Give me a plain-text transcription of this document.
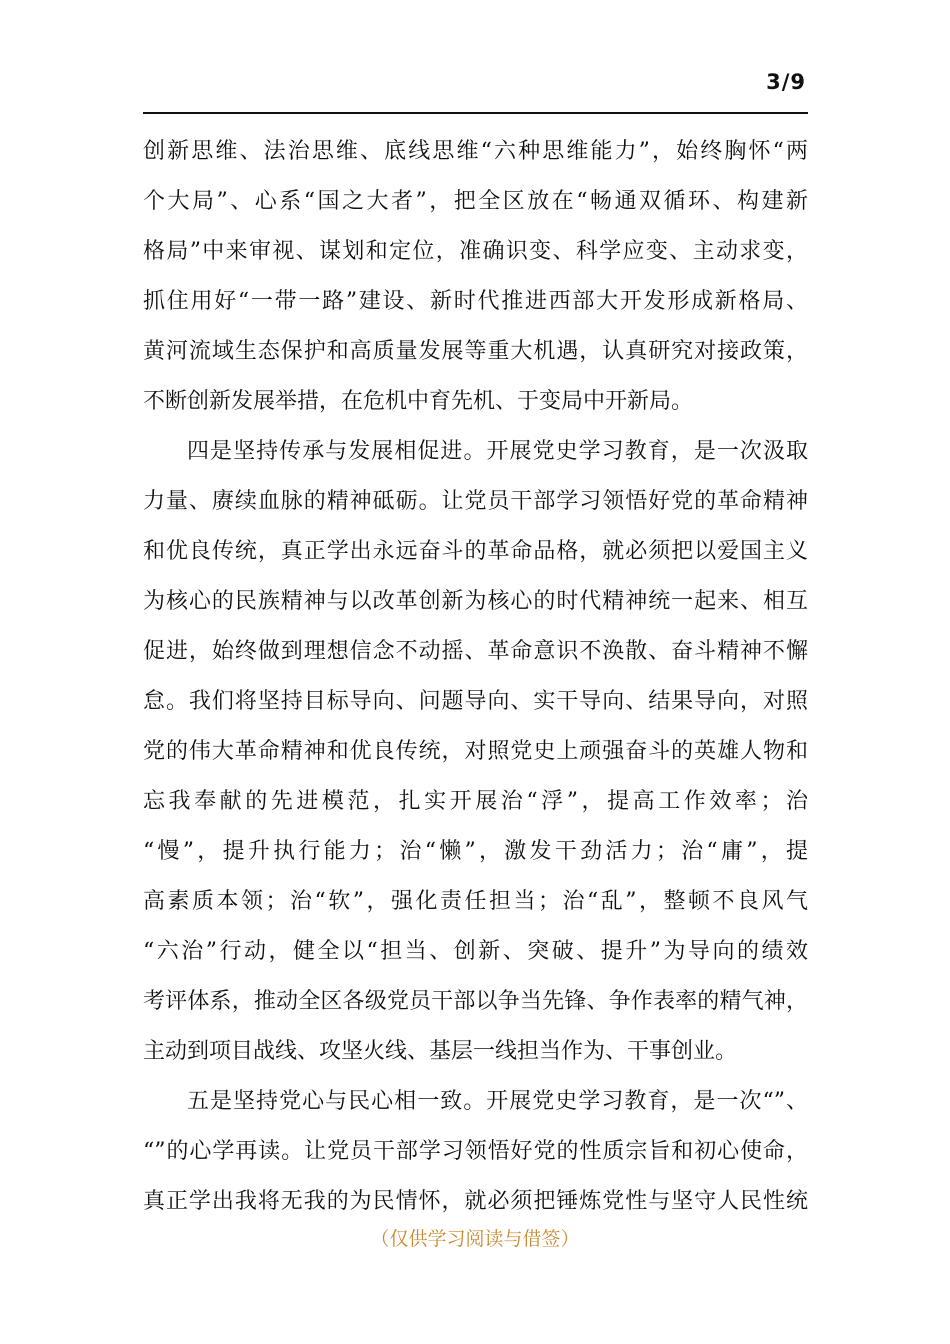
3/9
创新思维、法治思维、底线思维“六种思维能力”，始终胸怀“两
个大局”、心系“国之大者”，把全区放在“畅通双循环、构建新
格局”中来审视、谋划和定位，准确识变、科学应变、主动求变，
抓住用好“一带一路”建设、新时代推进西部大开发形成新格局、
黄河流域生态保护和高质量发展等重大机遇，认真研究对接政策，
不断创新发展举措，在危机中育先机、于变局中开新局。
四是坚持传承与发展相促进。开展党史学习教育，是一次汲取
力量、赓续血脉的精神砥砺。让党员干部学习领悟好党的革命精神
和优良传统，真正学出永远奋斗的革命品格，就必须把以爱国主义
为核心的民族精神与以改革创新为核心的时代精神统一起来、相互
促进，始终做到理想信念不动摇、革命意识不涣散、奋斗精神不懈
怠。我们将坚持目标导向、问题导向、实干导向、结果导向，对照
党的伟大革命精神和优良传统，对照党史上顽强奋斗的英雄人物和
忘我奉献的先进模范，扎实开展治“浮”，提高工作效率；治
“慢”，提升执行能力；治“懒”，激发干劲活力；治“庸”，提
高素质本领；治“软”，强化责任担当；治“乱”，整顿不良风气
“六治”行动，健全以“担当、创新、突破、提升”为导向的绩效
考评体系，推动全区各级党员干部以争当先锋、争作表率的精气神，
主动到项目战线、攻坚火线、基层一线担当作为、干事创业。
五是坚持党心与民心相一致。开展党史学习教育，是一次“”、
“”的心学再读。让党员干部学习领悟好党的性质宗旨和初心使命，
真正学出我将无我的为民情怀，就必须把锤炼党性与坚守人民性统
（仅供学习阅读与借签）
